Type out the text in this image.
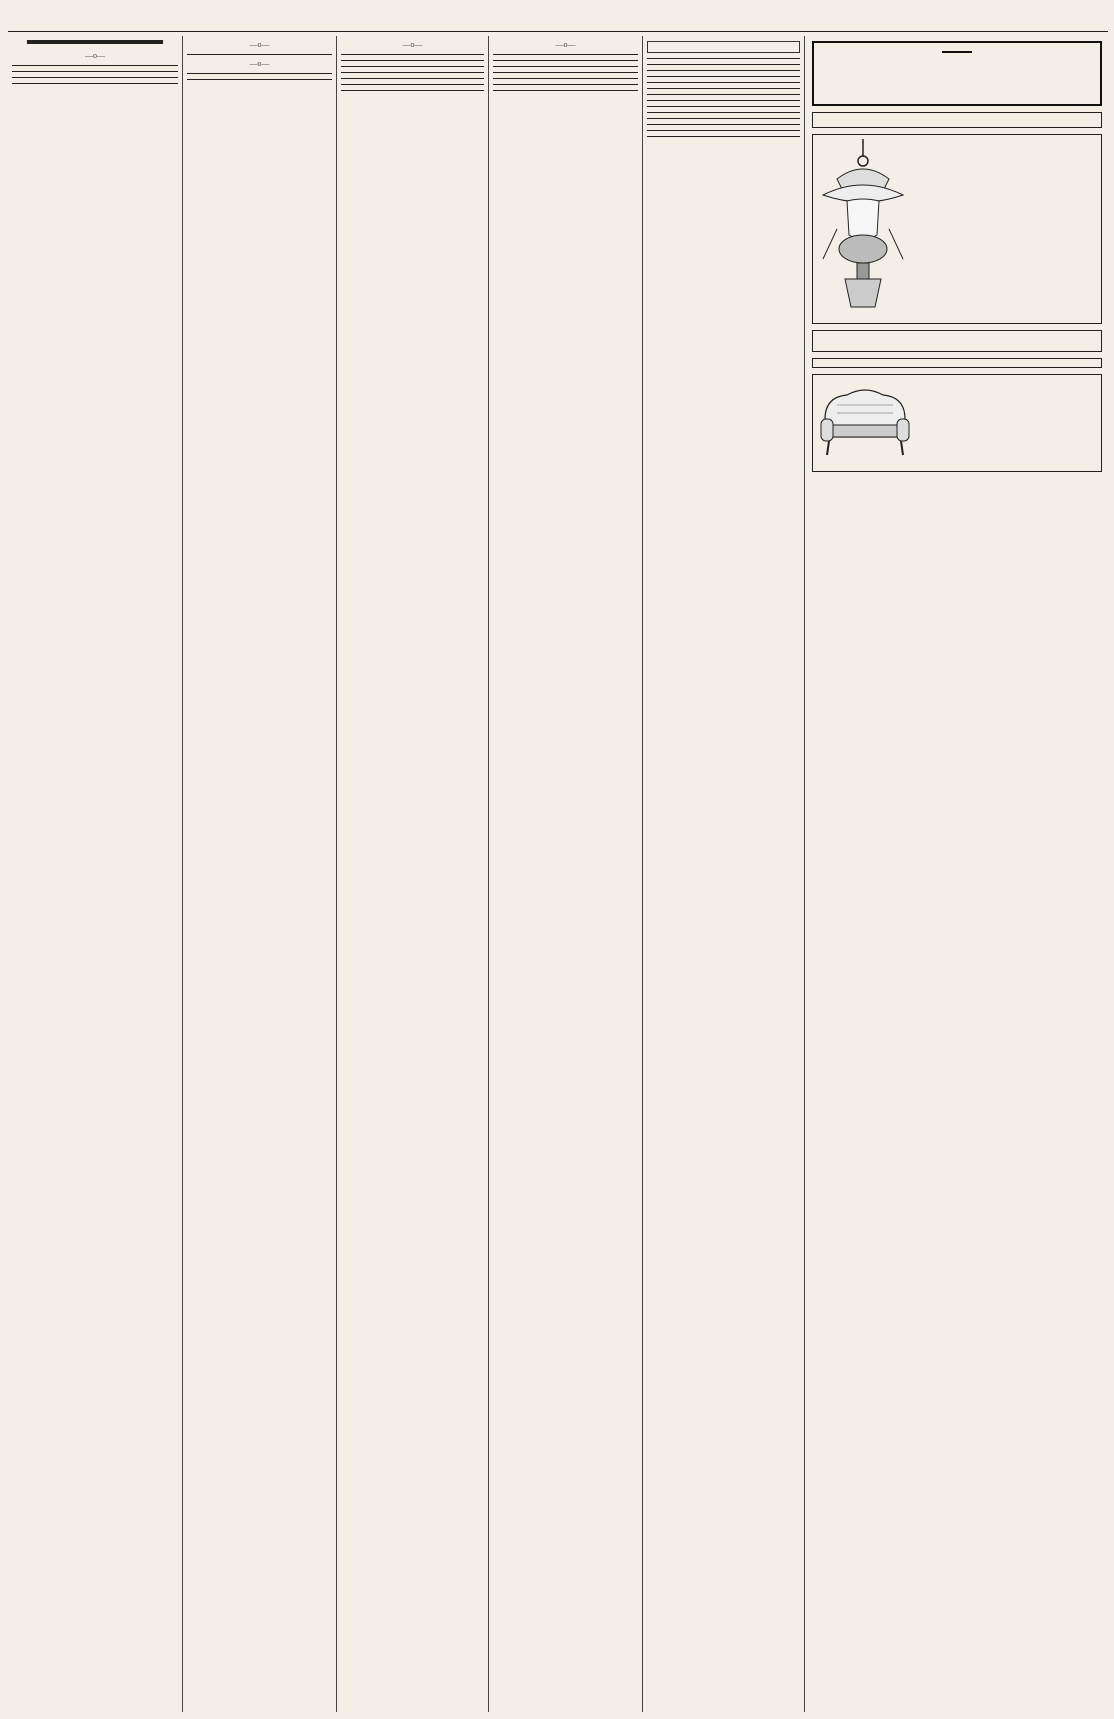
—o—

—o—

—o—

—o—	—o—
